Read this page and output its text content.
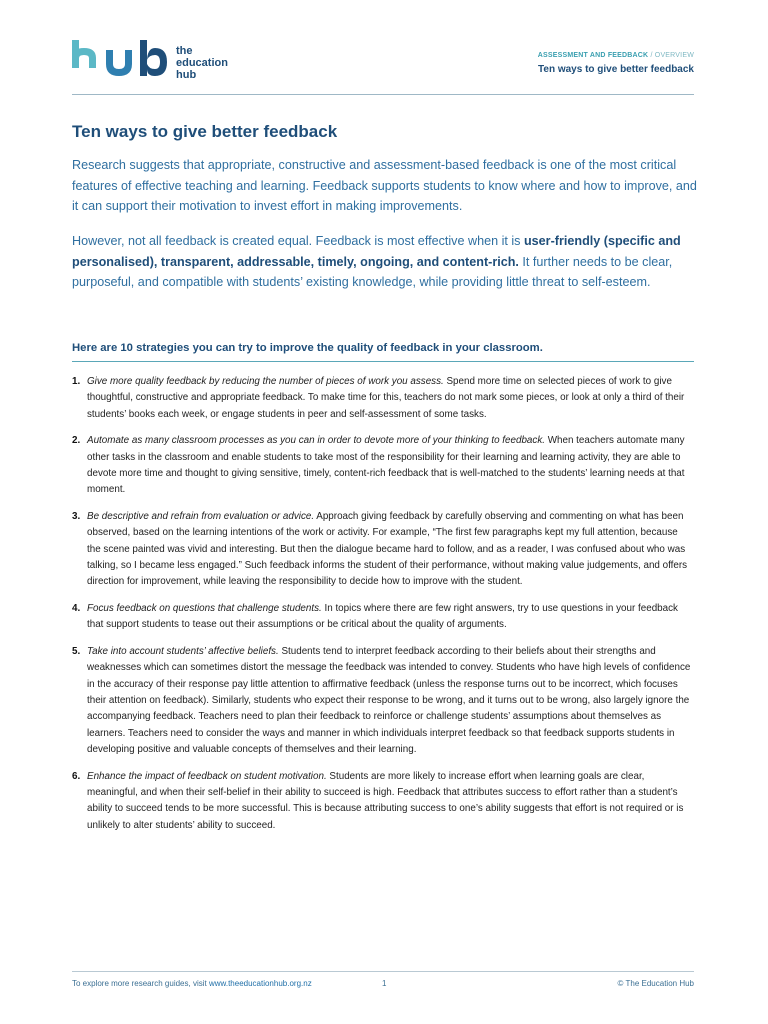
the
education
hub
ASSESSMENT AND FEEDBACK / OVERVIEW
Ten ways to give better feedback
Ten ways to give better feedback

Research suggests that appropriate, constructive and assessment-based feedback is one of the most critical features of effective teaching and learning. Feedback supports students to know where and how to improve, and it can support their motivation to invest effort in making improvements.

However, not all feedback is created equal. Feedback is most effective when it is user-friendly (specific and personalised), transparent, addressable, timely, ongoing, and content-rich. It further needs to be clear, purposeful, and compatible with students’ existing knowledge, while providing little threat to self-esteem.

Here are 10 strategies you can try to improve the quality of feedback in your classroom.

1. Give more quality feedback by reducing the number of pieces of work you assess. Spend more time on selected pieces of work to give thoughtful, constructive and appropriate feedback. To make time for this, teachers do not mark some pieces, or look at only a third of their students’ books each week, or engage students in peer and self-assessment of some tasks.
2. Automate as many classroom processes as you can in order to devote more of your thinking to feedback. When teachers automate many other tasks in the classroom and enable students to take most of the responsibility for their learning and learning activity, they are able to devote more time and thought to giving sensitive, timely, content-rich feedback that is well-matched to the students’ learning needs at that moment.
3. Be descriptive and refrain from evaluation or advice. Approach giving feedback by carefully observing and commenting on what has been observed, based on the learning intentions of the work or activity. For example, “The first few paragraphs kept my full attention, because the scene painted was vivid and interesting. But then the dialogue became hard to follow, and as a reader, I was confused about who was talking, so I became less engaged.” Such feedback informs the student of their performance, without making value judgements, and offers direction for improvement, while leaving the responsibility to decide how to improve with the student.
4. Focus feedback on questions that challenge students. In topics where there are few right answers, try to use questions in your feedback that support students to tease out their assumptions or be critical about the quality of arguments.
5. Take into account students’ affective beliefs. Students tend to interpret feedback according to their beliefs about their strengths and weaknesses which can sometimes distort the message the feedback was intended to convey. Students who have high levels of confidence in the accuracy of their response pay little attention to affirmative feedback (unless the response turns out to be incorrect, which focuses their attention on feedback). Similarly, students who expect their response to be wrong, and it turns out to be wrong, also largely ignore the accompanying feedback. Teachers need to plan their feedback to reinforce or challenge students’ assumptions about themselves as learners. Teachers need to consider the ways and manner in which individuals interpret feedback so that feedback supports students in developing positive and valuable concepts of themselves and their learning.
6. Enhance the impact of feedback on student motivation. Students are more likely to increase effort when learning goals are clear, meaningful, and when their self-belief in their ability to succeed is high. Feedback that attributes success to effort rather than a student’s ability to succeed tends to be more successful. This is because attributing success to one’s ability suggests that effort is not required or is unlikely to alter students’ ability to succeed.
To explore more research guides, visit www.theeducationhub.org.nz	1	© The Education Hub
